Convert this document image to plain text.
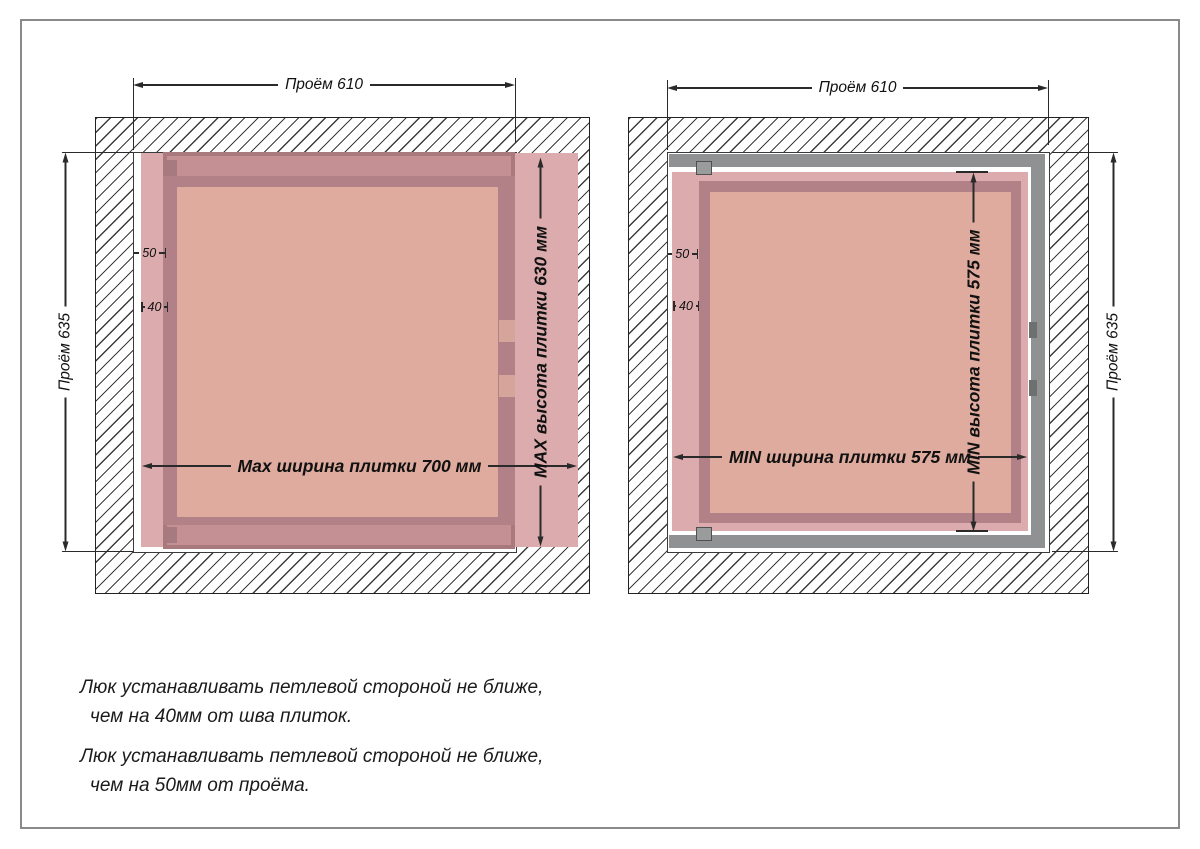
Проём 610
Проём 635
Max ширина плитки 700 мм	MAX высота плитки 630 мм
50
40
Проём 610
Проём 635
MIN ширина плитки 575 мм
MIN высота плитки 575 мм
50
40
Люк устанавливать петлевой стороной не ближе,
чем на 40мм от шва плиток.
Люк устанавливать петлевой стороной не ближе,
чем на 50мм от проёма.
